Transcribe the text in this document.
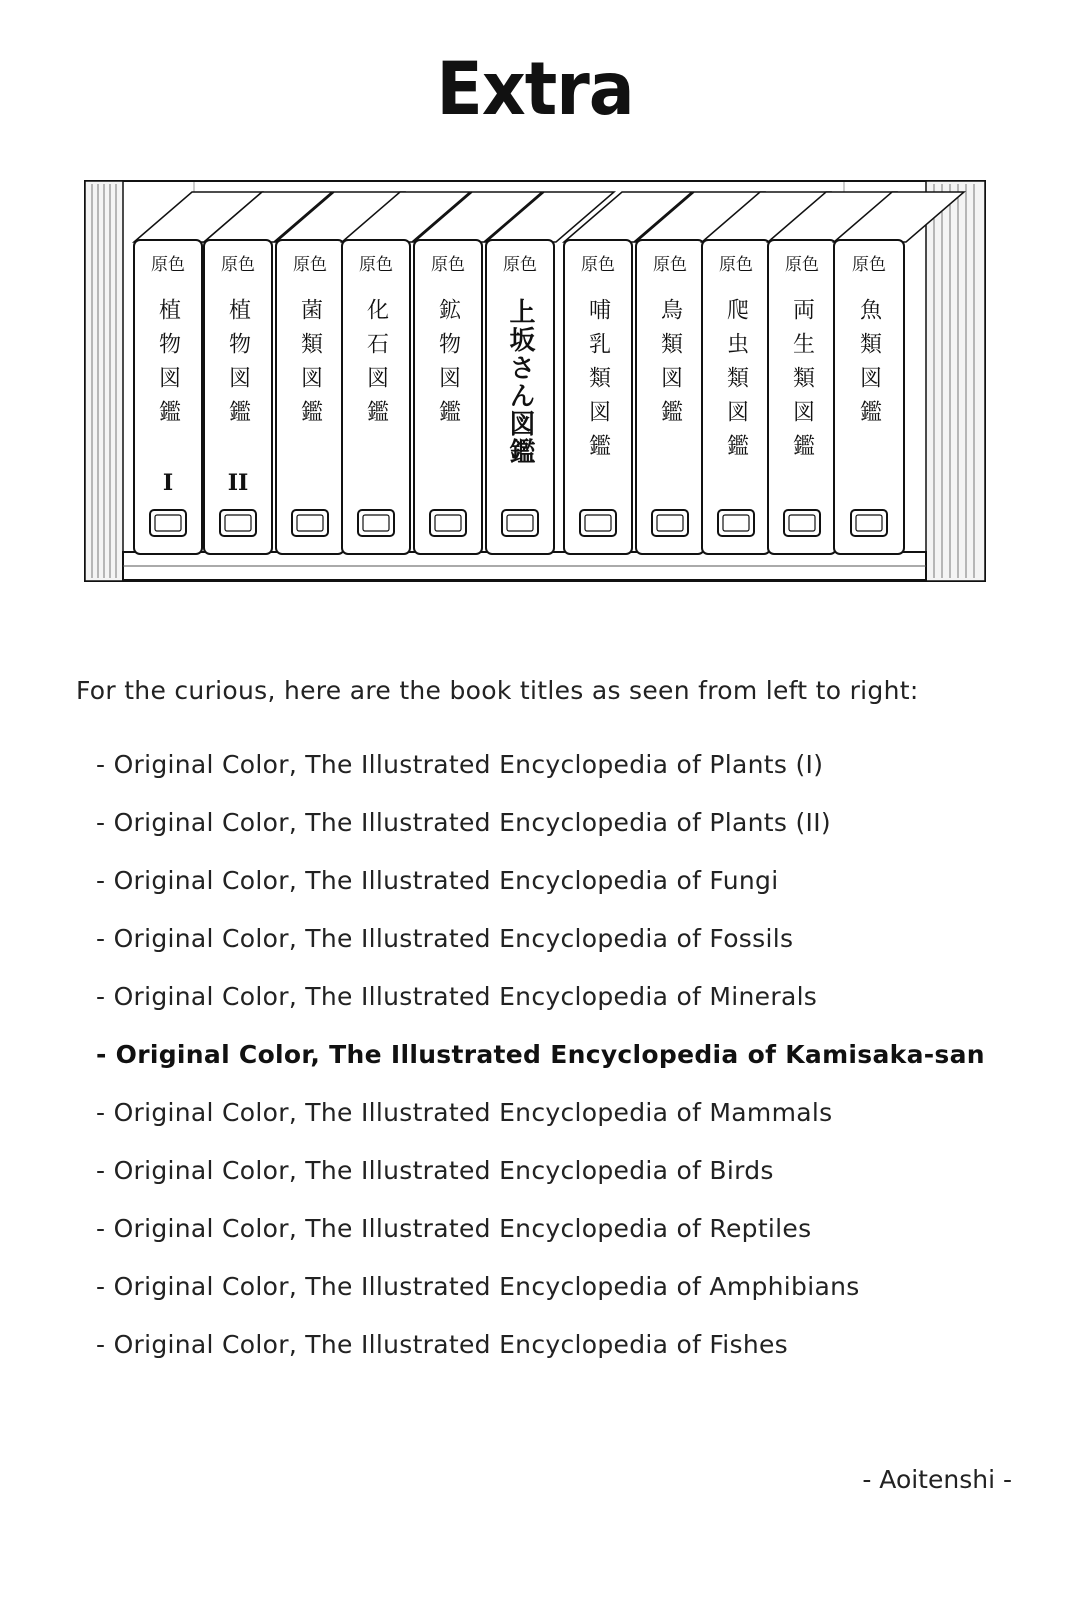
Extra
原色
植物図鑑
I
原色
植物図鑑
II
原色
菌類図鑑
原色
化石図鑑
原色
鉱物図鑑
原色
上坂さん図鑑
原色
哺乳類図鑑
原色
鳥類図鑑
原色
爬虫類図鑑
原色
両生類図鑑
原色
魚類図鑑
For the curious, here are the book titles as seen from left to right:
- Original Color, The Illustrated Encyclopedia of Plants (I)
- Original Color, The Illustrated Encyclopedia of Plants (II)
- Original Color, The Illustrated Encyclopedia of Fungi
- Original Color, The Illustrated Encyclopedia of Fossils
- Original Color, The Illustrated Encyclopedia of Minerals
- Original Color, The Illustrated Encyclopedia of Kamisaka-san
- Original Color, The Illustrated Encyclopedia of Mammals
- Original Color, The Illustrated Encyclopedia of Birds
- Original Color, The Illustrated Encyclopedia of Reptiles
- Original Color, The Illustrated Encyclopedia of Amphibians
- Original Color, The Illustrated Encyclopedia of Fishes
- Aoitenshi -
